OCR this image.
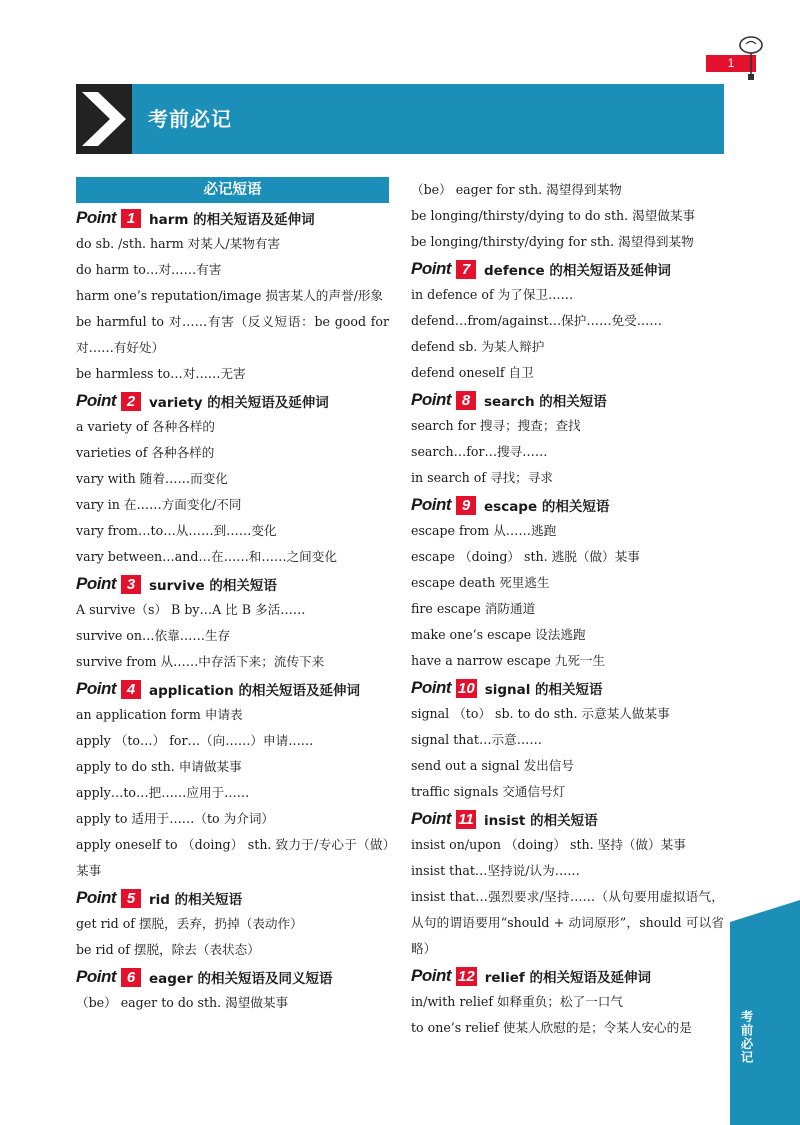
1
考前必记
必记短语
Point 1	harm 的相关短语及延伸词
do sb. /sth. harm 对某人/某物有害
do harm to…对……有害
harm one’s reputation/image 损害某人的声誉/形象
be harmful to 对……有害（反义短语：be good for 对……有好处）
be harmless to…对……无害
Point 2	variety 的相关短语及延伸词
a variety of 各种各样的
varieties of 各种各样的
vary with 随着……而变化
vary in 在……方面变化/不同
vary from…to…从……到……变化
vary between…and…在……和……之间变化
Point 3	survive 的相关短语
A survive（s） B by…A 比 B 多活……
survive on…依靠……生存
survive from 从……中存活下来；流传下来
Point 4	application 的相关短语及延伸词
an application form 申请表
apply （to…） for…（向……）申请……
apply to do sth. 申请做某事
apply…to…把……应用于……
apply to 适用于……（to 为介词）
apply oneself to （doing） sth. 致力于/专心于（做）某事
Point 5	rid 的相关短语
get rid of 摆脱，丢弃，扔掉（表动作）
be rid of 摆脱，除去（表状态）
Point 6	eager 的相关短语及同义短语
（be） eager to do sth. 渴望做某事
（be） eager for sth. 渴望得到某物
be longing/thirsty/dying to do sth. 渴望做某事
be longing/thirsty/dying for sth. 渴望得到某物
Point 7	defence 的相关短语及延伸词
in defence of 为了保卫……
defend…from/against…保护……免受……
defend sb. 为某人辩护
defend oneself 自卫
Point 8	search 的相关短语
search for 搜寻；搜查；查找
search…for…搜寻……
in search of 寻找；寻求
Point 9	escape 的相关短语
escape from 从……逃跑
escape （doing） sth. 逃脱（做）某事
escape death 死里逃生
fire escape 消防通道
make one’s escape 设法逃跑
have a narrow escape 九死一生
Point 10 signal 的相关短语
signal （to） sb. to do sth. 示意某人做某事
signal that…示意……
send out a signal 发出信号
traffic signals 交通信号灯
Point 11 insist 的相关短语
insist on/upon （doing） sth. 坚持（做）某事
insist that…坚持说/认为……
insist that…强烈要求/坚持……（从句要用虚拟语气，从句的谓语要用“should + 动词原形”，should 可以省略）
Point 12 relief 的相关短语及延伸词
in/with relief 如释重负；松了一口气
to one’s relief 使某人欣慰的是；令某人安心的是	考前必记
